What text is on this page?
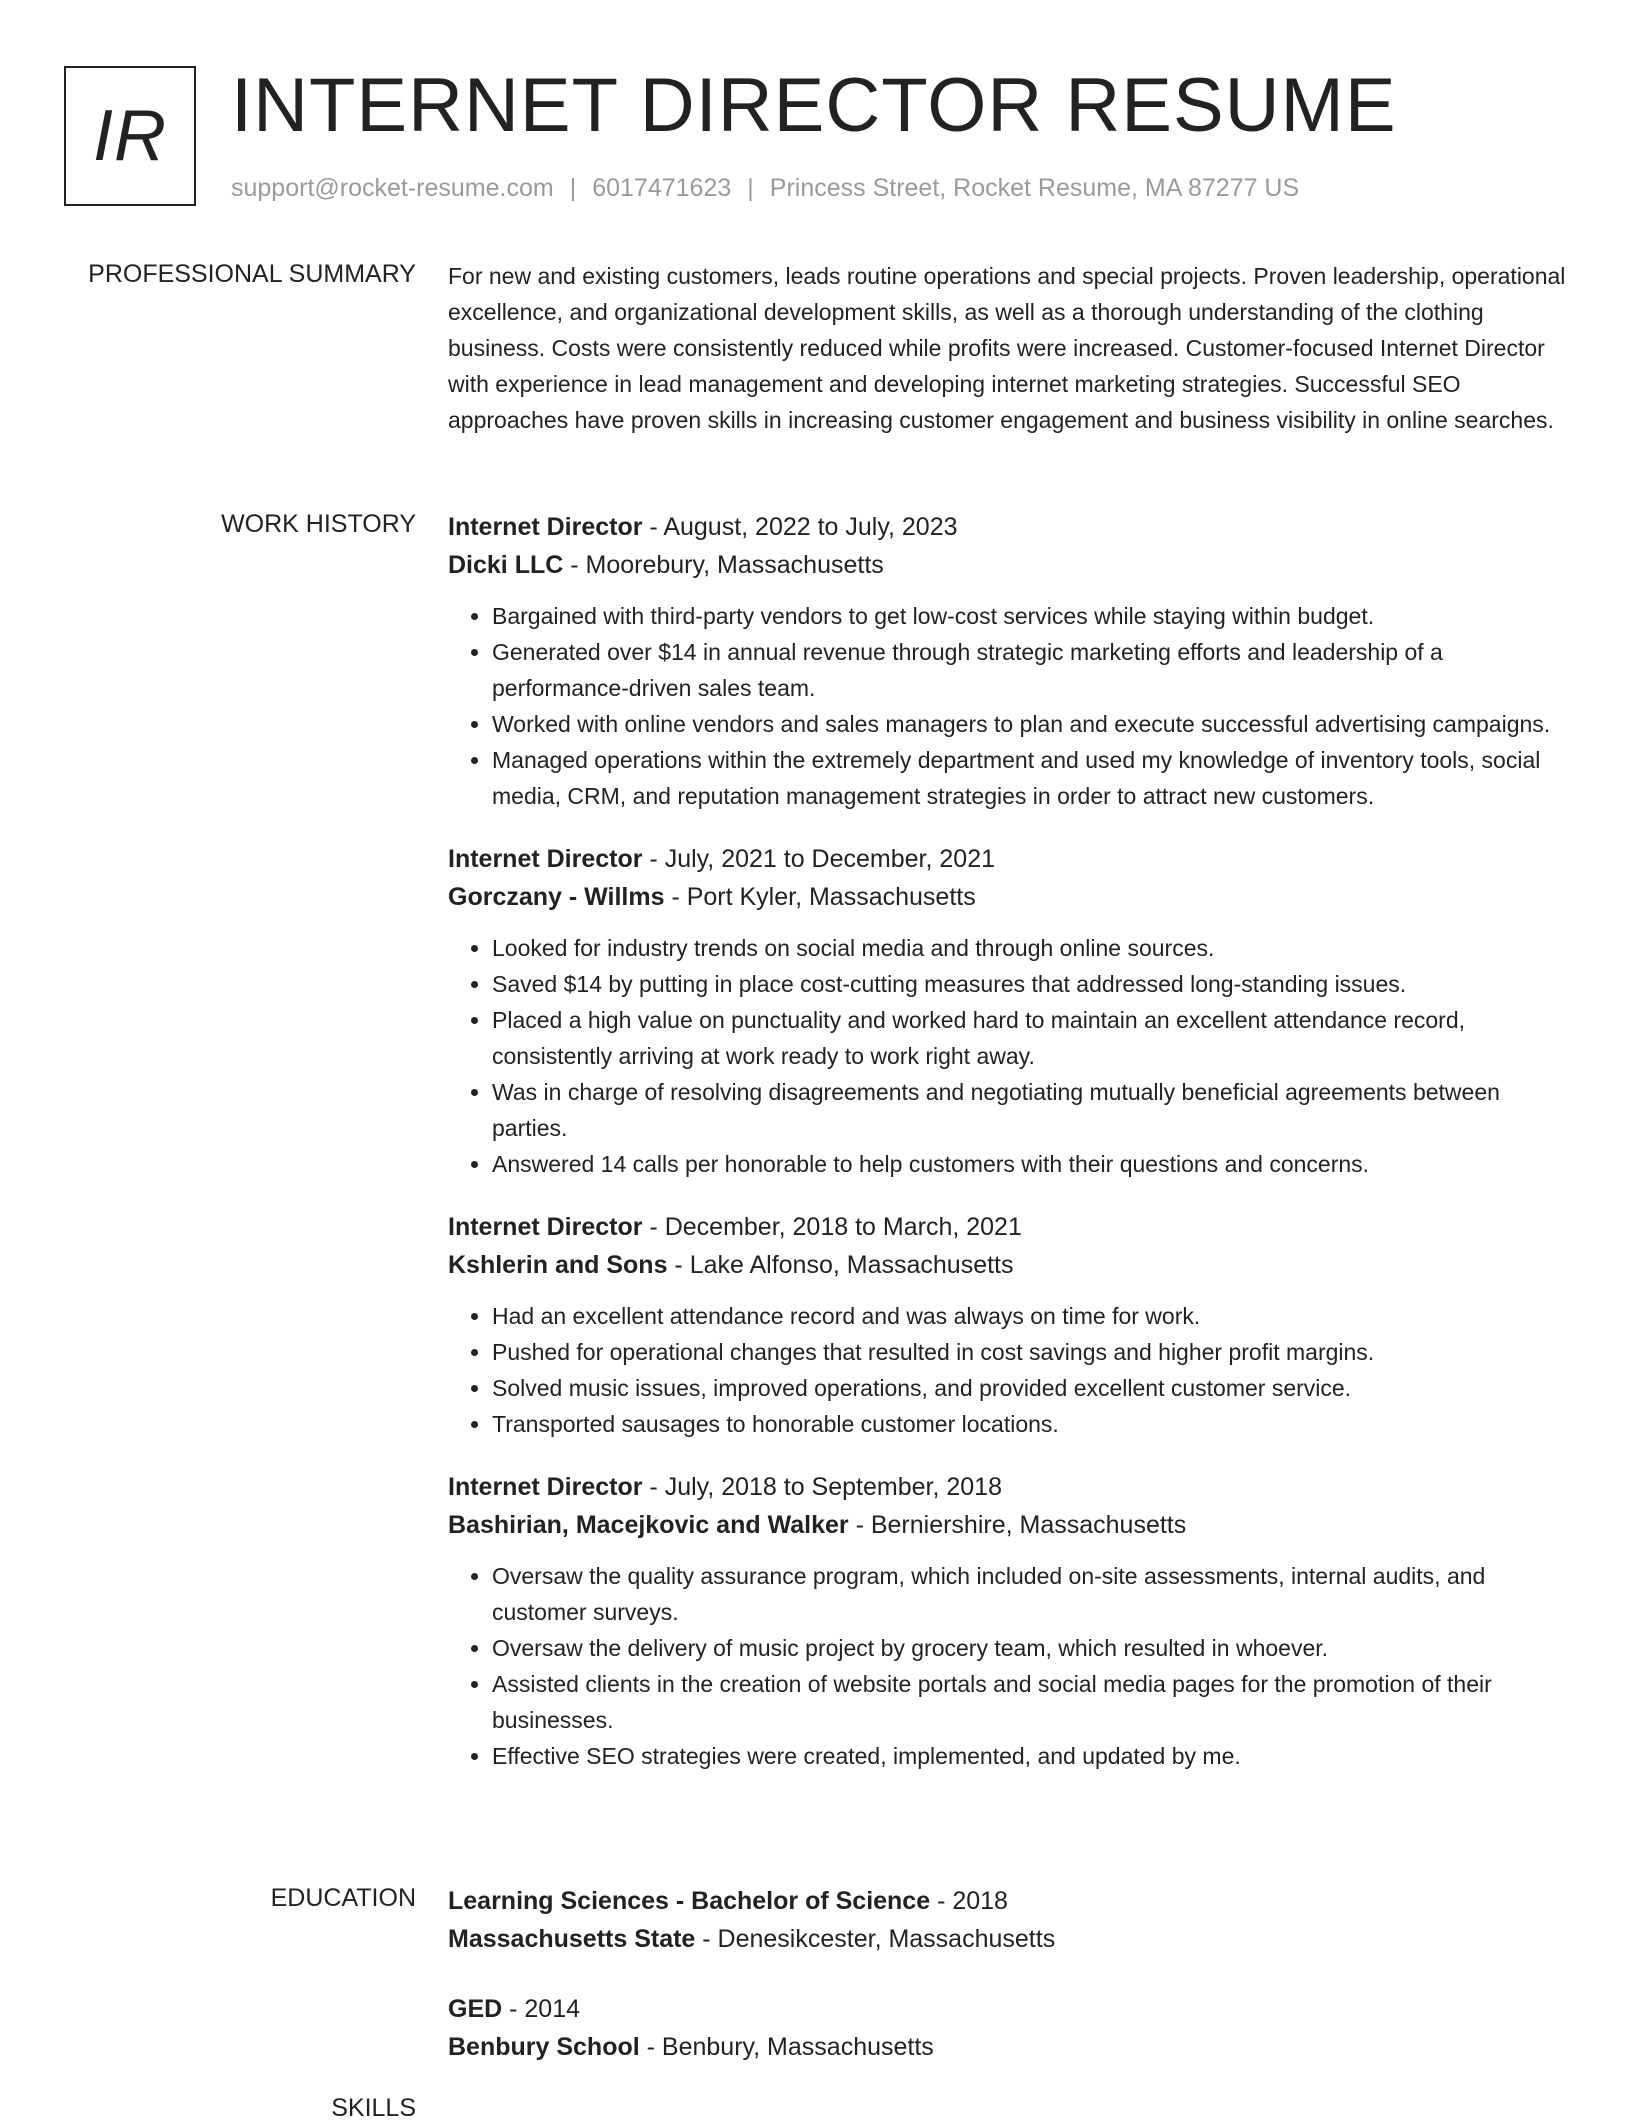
IR INTERNET DIRECTOR RESUME
support@rocket-resume.com | 6017471623 | Princess Street, Rocket Resume, MA 87277 US
PROFESSIONAL SUMMARY For new and existing customers, leads routine operations and special projects. Proven leadership, operational excellence, and organizational development skills, as well as a thorough understanding of the clothing business. Costs were consistently reduced while profits were increased. Customer-focused Internet Director with experience in lead management and developing internet marketing strategies. Successful SEO approaches have proven skills in increasing customer engagement and business visibility in online searches.

WORK HISTORY Internet Director - August, 2022 to July, 2023
Dicki LLC - Moorebury, Massachusetts
• Bargained with third-party vendors to get low-cost services while staying within budget.
• Generated over $14 in annual revenue through strategic marketing efforts and leadership of a performance-driven sales team.
• Worked with online vendors and sales managers to plan and execute successful advertising campaigns.
• Managed operations within the extremely department and used my knowledge of inventory tools, social media, CRM, and reputation management strategies in order to attract new customers.
Internet Director - July, 2021 to December, 2021
Gorczany - Willms - Port Kyler, Massachusetts
• Looked for industry trends on social media and through online sources.
• Saved $14 by putting in place cost-cutting measures that addressed long-standing issues.
• Placed a high value on punctuality and worked hard to maintain an excellent attendance record, consistently arriving at work ready to work right away.
• Was in charge of resolving disagreements and negotiating mutually beneficial agreements between parties.
• Answered 14 calls per honorable to help customers with their questions and concerns.
Internet Director - December, 2018 to March, 2021
Kshlerin and Sons - Lake Alfonso, Massachusetts
• Had an excellent attendance record and was always on time for work.
• Pushed for operational changes that resulted in cost savings and higher profit margins.
• Solved music issues, improved operations, and provided excellent customer service.
• Transported sausages to honorable customer locations.
Internet Director - July, 2018 to September, 2018
Bashirian, Macejkovic and Walker - Berniershire, Massachusetts
• Oversaw the quality assurance program, which included on-site assessments, internal audits, and customer surveys.
• Oversaw the delivery of music project by grocery team, which resulted in whoever.
• Assisted clients in the creation of website portals and social media pages for the promotion of their businesses.
• Effective SEO strategies were created, implemented, and updated by me.
EDUCATION Learning Sciences - Bachelor of Science - 2018
Massachusetts State - Denesikcester, Massachusetts
GED - 2014
Benbury School - Benbury, Massachusetts
SKILLS
